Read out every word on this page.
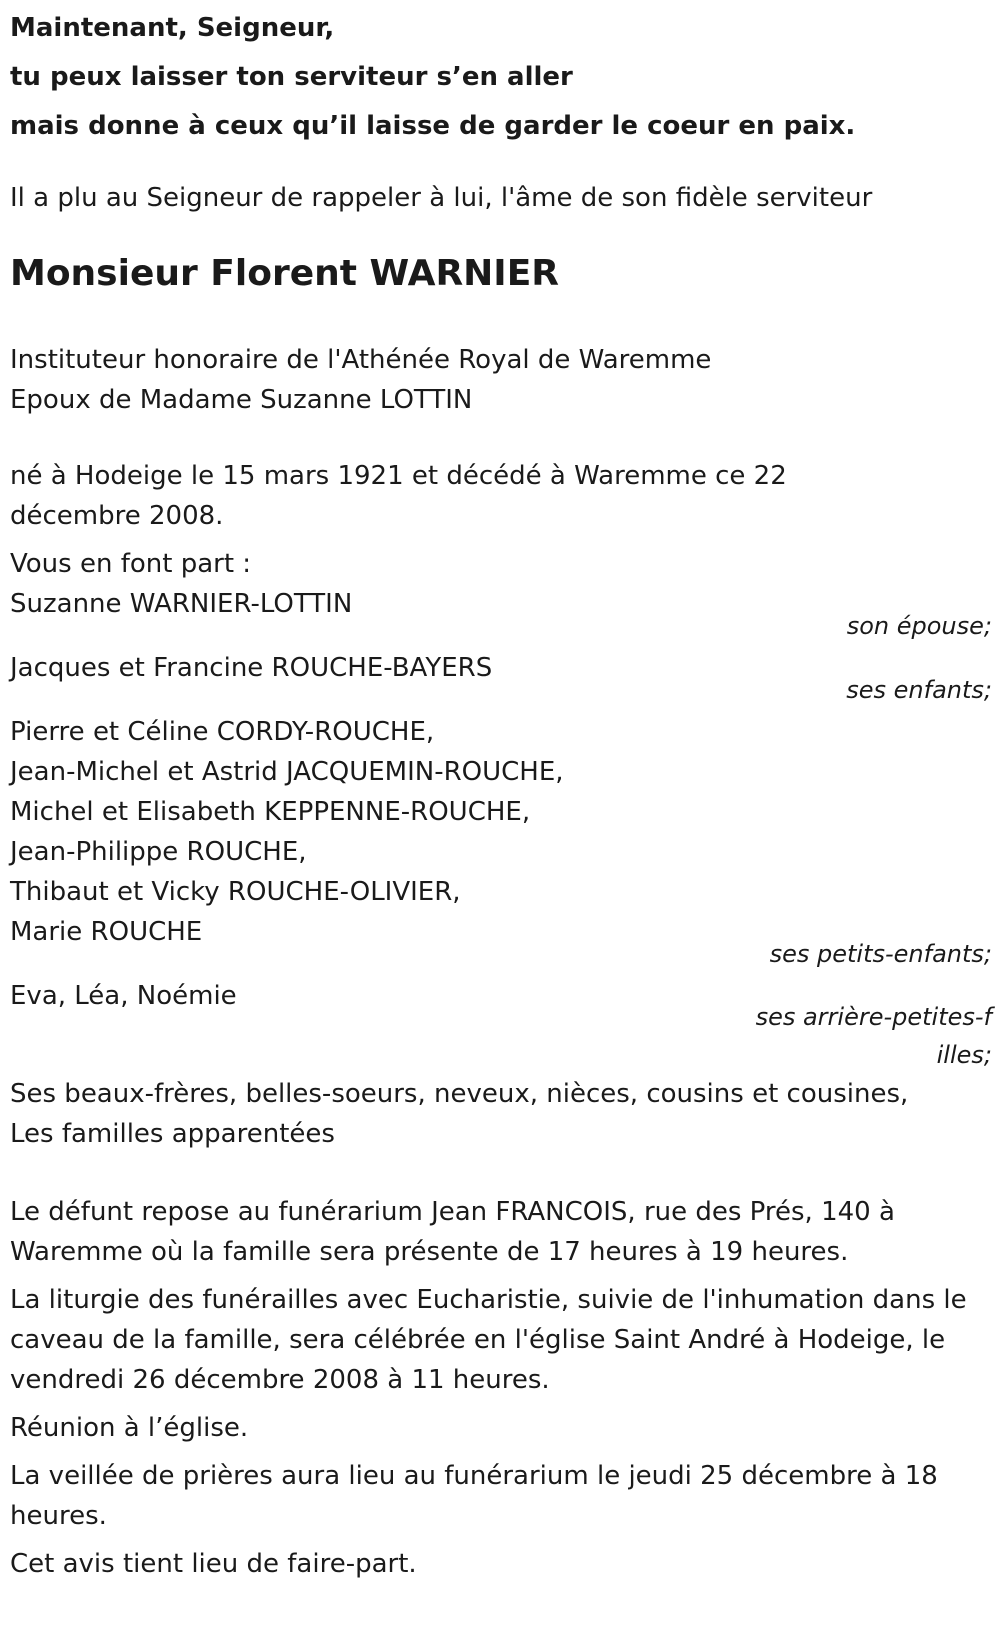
Maintenant, Seigneur,
tu peux laisser ton serviteur s’en aller
mais donne à ceux qu’il laisse de garder le coeur en paix.
Il a plu au Seigneur de rappeler à lui, l'âme de son fidèle serviteur
Monsieur Florent WARNIER
Instituteur honoraire de l'Athénée Royal de Waremme
Epoux de Madame Suzanne LOTTIN
né à Hodeige le 15 mars 1921 et décédé à Waremme ce 22 décembre 2008.
Vous en font part :
Suzanne WARNIER-LOTTIN
son épouse;
Jacques et Francine ROUCHE-BAYERS
ses enfants;
Pierre et Céline CORDY-ROUCHE,
Jean-Michel et Astrid JACQUEMIN-ROUCHE,
Michel et Elisabeth KEPPENNE-ROUCHE,
Jean-Philippe ROUCHE,
Thibaut et Vicky ROUCHE-OLIVIER,
Marie ROUCHE
ses petits-enfants;
Eva, Léa, Noémie
ses arrière-petites-filles;
Ses beaux-frères, belles-soeurs, neveux, nièces, cousins et cousines,
Les familles apparentées
Le défunt repose au funérarium Jean FRANCOIS, rue des Prés, 140 à Waremme où la famille sera présente de 17 heures à 19 heures.
La liturgie des funérailles avec Eucharistie, suivie de l'inhumation dans le caveau de la famille, sera célébrée en l'église Saint André à Hodeige, le vendredi 26 décembre 2008 à 11 heures.
Réunion à l’église.
La veillée de prières aura lieu au funérarium le jeudi 25 décembre à 18 heures.
Cet avis tient lieu de faire-part.
